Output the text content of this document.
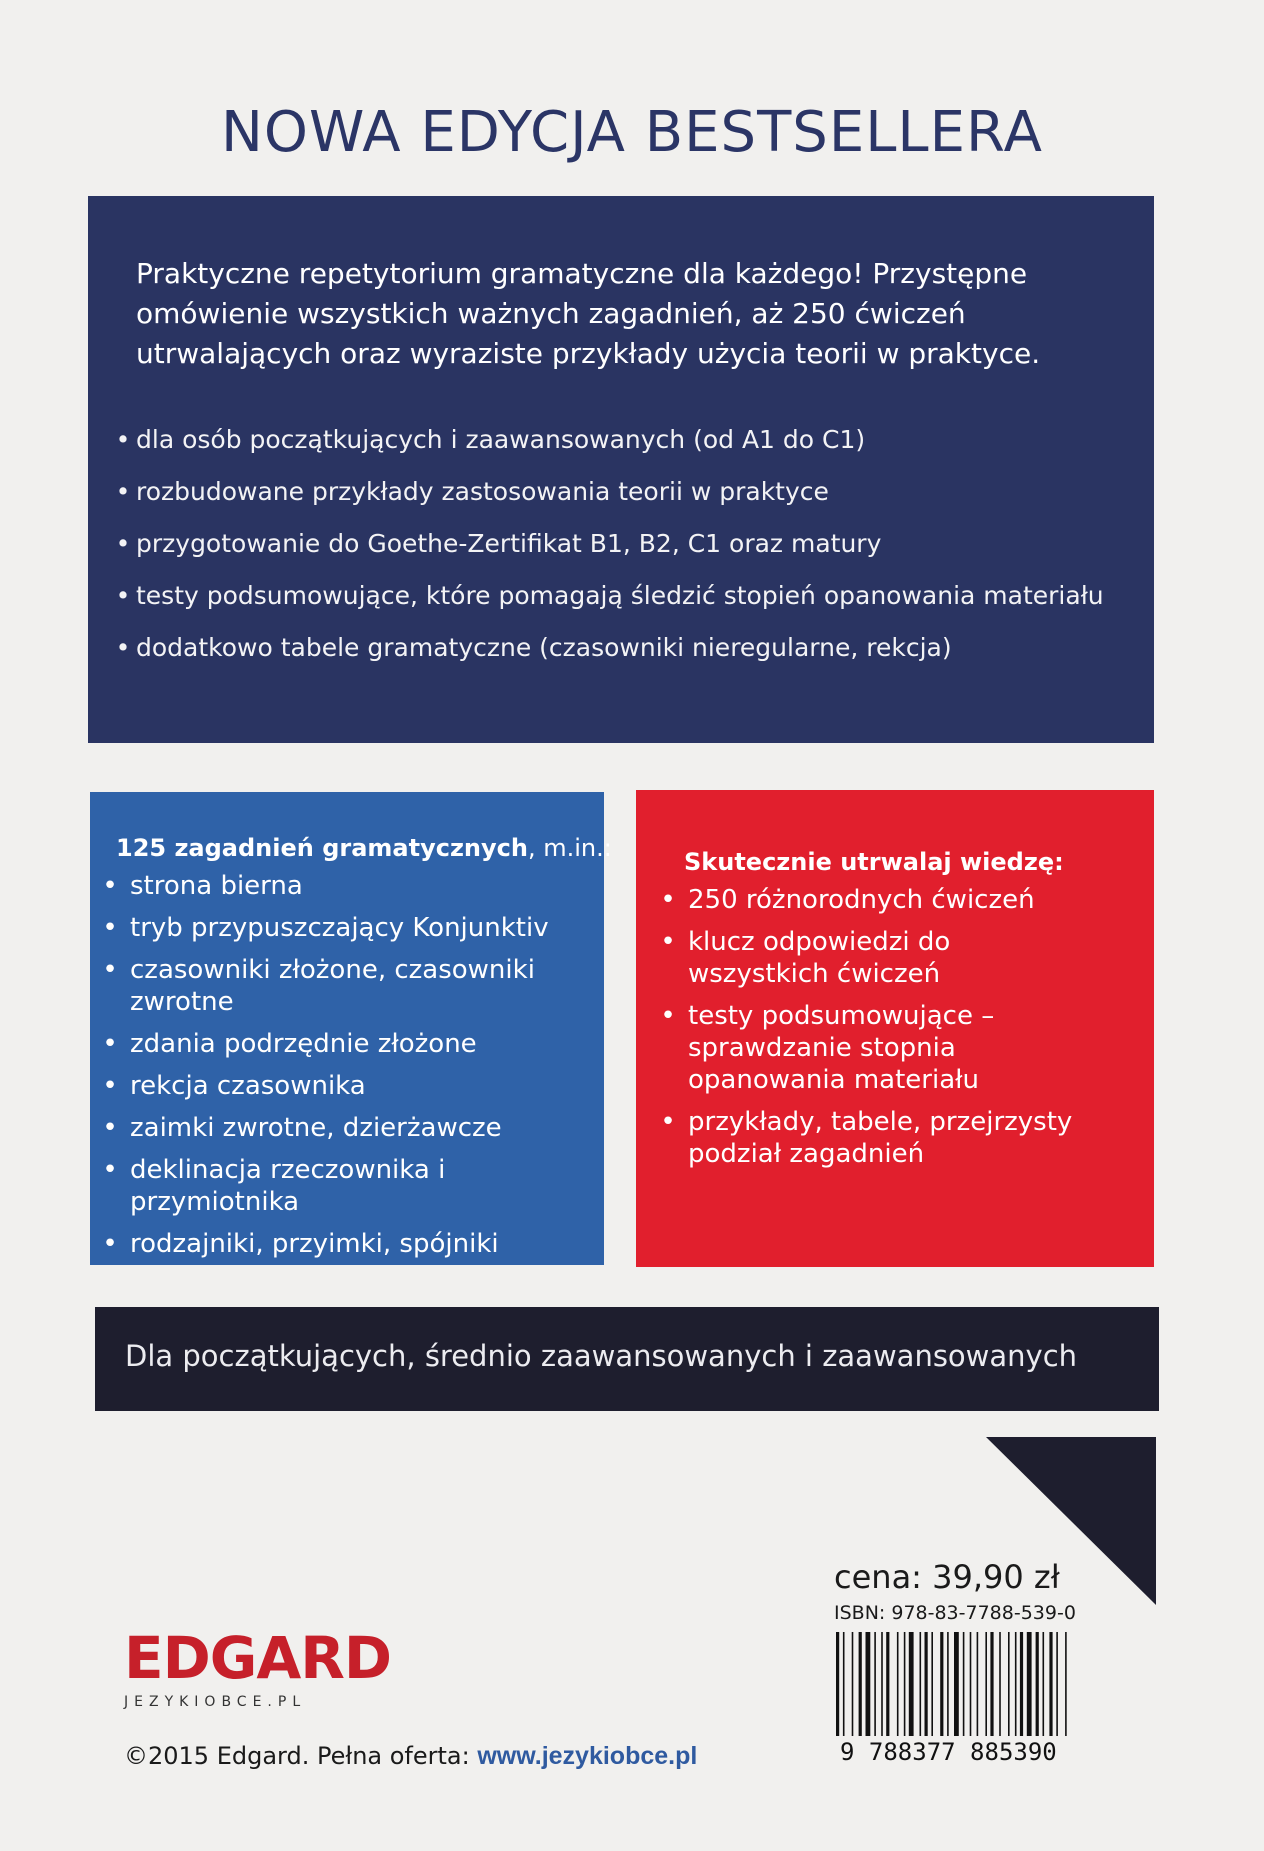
NOWA EDYCJA BESTSELLERA
Praktyczne repetytorium gramatyczne dla każdego! Przystępne omówienie wszystkich ważnych zagadnień, aż 250 ćwiczeń utrwalających oraz wyraziste przykłady użycia teorii w praktyce.
• dla osób początkujących i zaawansowanych (od A1 do C1)
• rozbudowane przykłady zastosowania teorii w praktyce
• przygotowanie do Goethe-Zertifikat B1, B2, C1 oraz matury
• testy podsumowujące, które pomagają śledzić stopień opanowania materiału
• dodatkowo tabele gramatyczne (czasowniki nieregularne, rekcja)
125 zagadnień gramatycznych, m.in.:
• strona bierna
• tryb przypuszczający Konjunktiv
• czasowniki złożone, czasowniki zwrotne
• zdania podrzędnie złożone
• rekcja czasownika
• zaimki zwrotne, dzierżawcze
• deklinacja rzeczownika i przymiotnika
• rodzajniki, przyimki, spójniki
Skutecznie utrwalaj wiedzę:
• 250 różnorodnych ćwiczeń
• klucz odpowiedzi do wszystkich ćwiczeń
• testy podsumowujące – sprawdzanie stopnia opanowania materiału
• przykłady, tabele, przejrzysty podział zagadnień
Dla początkujących, średnio zaawansowanych i zaawansowanych
cena: 39,90 zł
ISBN: 978-83-7788-539-0
9 788377 885390
EDGARD
JEZYKIOBCE.PL
©2015 Edgard. Pełna oferta: www.jezykiobce.pl
